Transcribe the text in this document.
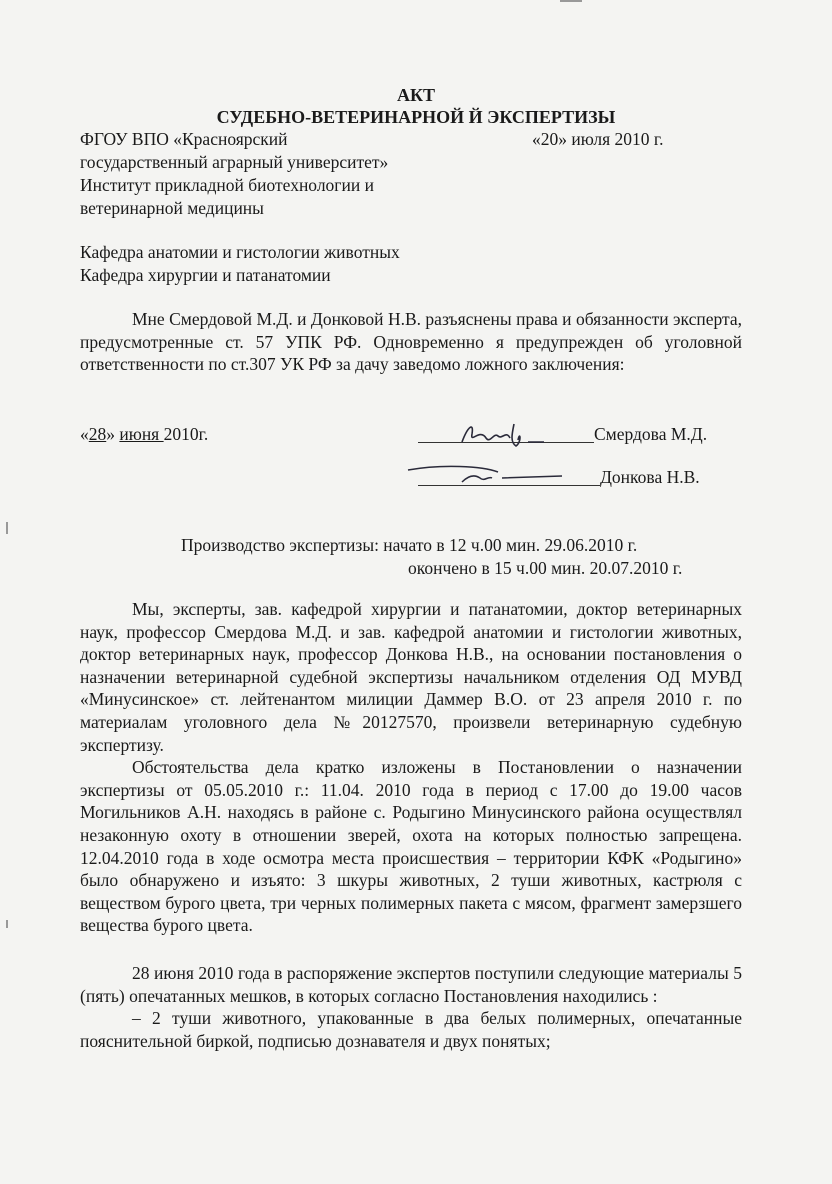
АКТ
СУДЕБНО-ВЕТЕРИНАРНОЙ Й ЭКСПЕРТИЗЫ
ФГОУ ВПО «Красноярский	«20» июля 2010 г.
государственный аграрный университет»
Институт прикладной биотехнологии и
ветеринарной медицины
Кафедра анатомии и гистологии животных
Кафедра хирургии и патанатомии
Мне Смердовой М.Д. и Донковой Н.В. разъяснены права и обязанности эксперта, предусмотренные ст. 57 УПК РФ. Одновременно я предупрежден об уголовной ответственности по ст.307 УК РФ за дачу заведомо ложного заключения:
«28» июня 2010г.	Смердова М.Д.
Донкова Н.В.
Производство экспертизы: начато в 12 ч.00 мин. 29.06.2010 г.
окончено в 15 ч.00 мин. 20.07.2010 г.

Мы, эксперты, зав. кафедрой хирургии и патанатомии, доктор ветеринарных наук, профессор Смердова М.Д. и зав. кафедрой анатомии и гистологии животных, доктор ветеринарных наук, профессор Донкова Н.В., на основании постановления о назначении ветеринарной судебной экспертизы начальником отделения ОД МУВД «Минусинское» ст. лейтенантом милиции Даммер В.О. от 23 апреля 2010 г. по материалам уголовного дела №20127570, произвели ветеринарную судебную экспертизу.

Обстоятельства дела кратко изложены в Постановлении о назначении экспертизы от 05.05.2010 г.: 11.04. 2010 года в период с 17.00 до 19.00 часов Могильников А.Н. находясь в районе с. Родыгино Минусинского района осуществлял незаконную охоту в отношении зверей, охота на которых полностью запрещена. 12.04.2010 года в ходе осмотра места происшествия – территории КФК «Родыгино» было обнаружено и изъято: 3 шкуры животных, 2 туши животных, кастрюля с веществом бурого цвета, три черных полимерных пакета с мясом, фрагмент замерзшего вещества бурого цвета.

28 июня 2010 года в распоряжение экспертов поступили следующие материалы 5 (пять) опечатанных мешков, в которых согласно Постановления находились :

– 2 туши животного, упакованные в два белых полимерных, опечатанные пояснительной биркой, подписью дознавателя и двух понятых;
